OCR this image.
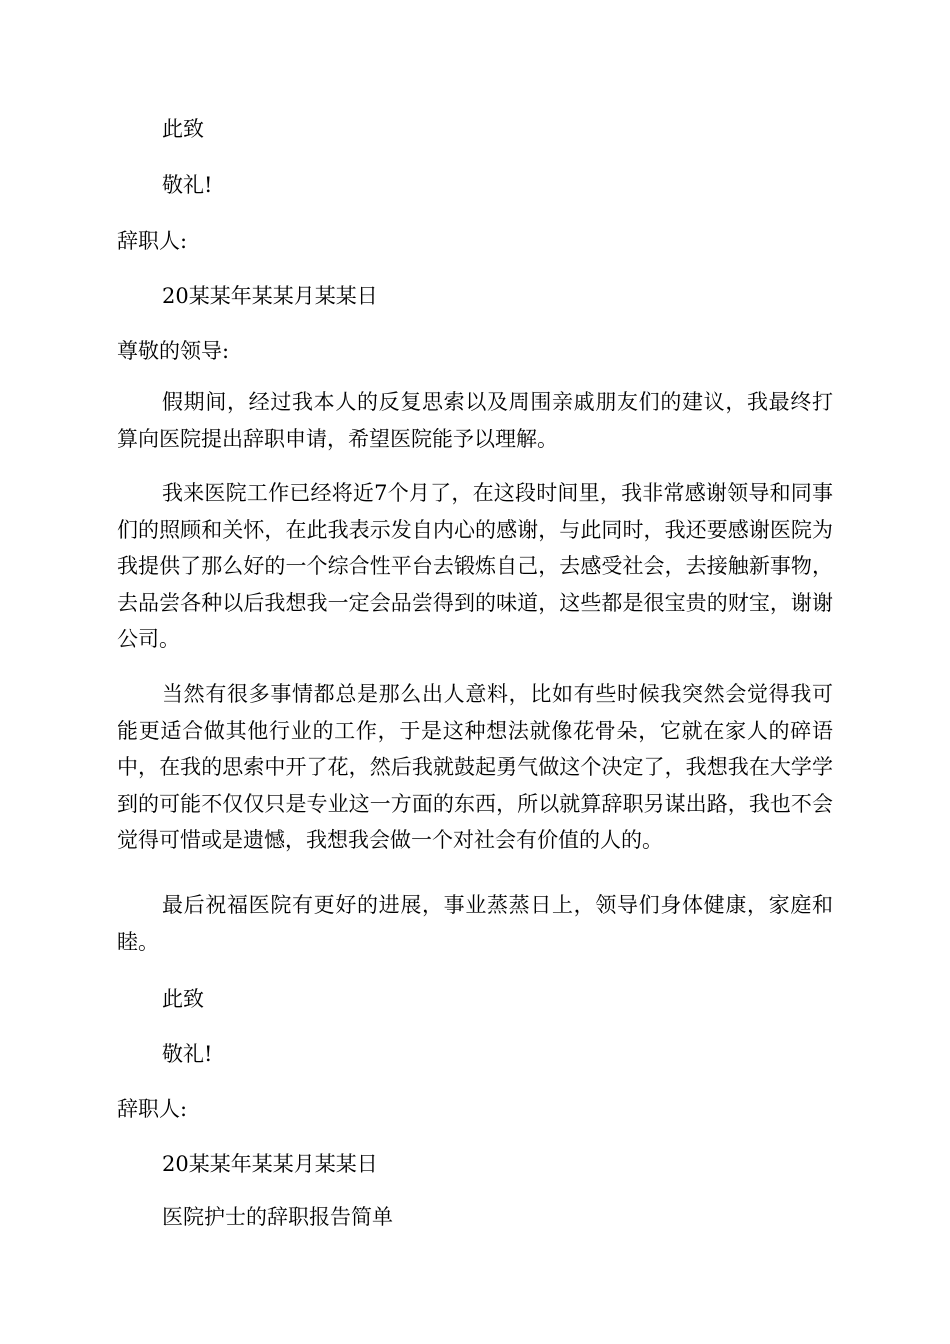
此致
敬礼!
辞职人:
20某某年某某月某某日
尊敬的领导:

假期间，经过我本人的反复思索以及周围亲戚朋友们的建议，我最终打算向医院提出辞职申请，希望医院能予以理解。

我来医院工作已经将近7个月了，在这段时间里，我非常感谢领导和同事们的照顾和关怀，在此我表示发自内心的感谢，与此同时，我还要感谢医院为我提供了那么好的一个综合性平台去锻炼自己，去感受社会，去接触新事物，去品尝各种以后我想我一定会品尝得到的味道，这些都是很宝贵的财宝，谢谢公司。

当然有很多事情都总是那么出人意料，比如有些时候我突然会觉得我可能更适合做其他行业的工作，于是这种想法就像花骨朵，它就在家人的碎语中，在我的思索中开了花，然后我就鼓起勇气做这个决定了，我想我在大学学到的可能不仅仅只是专业这一方面的东西，所以就算辞职另谋出路，我也不会觉得可惜或是遗憾，我想我会做一个对社会有价值的人的。

最后祝福医院有更好的进展，事业蒸蒸日上，领导们身体健康，家庭和睦。

此致
敬礼!
辞职人:
20某某年某某月某某日
医院护士的辞职报告简单
